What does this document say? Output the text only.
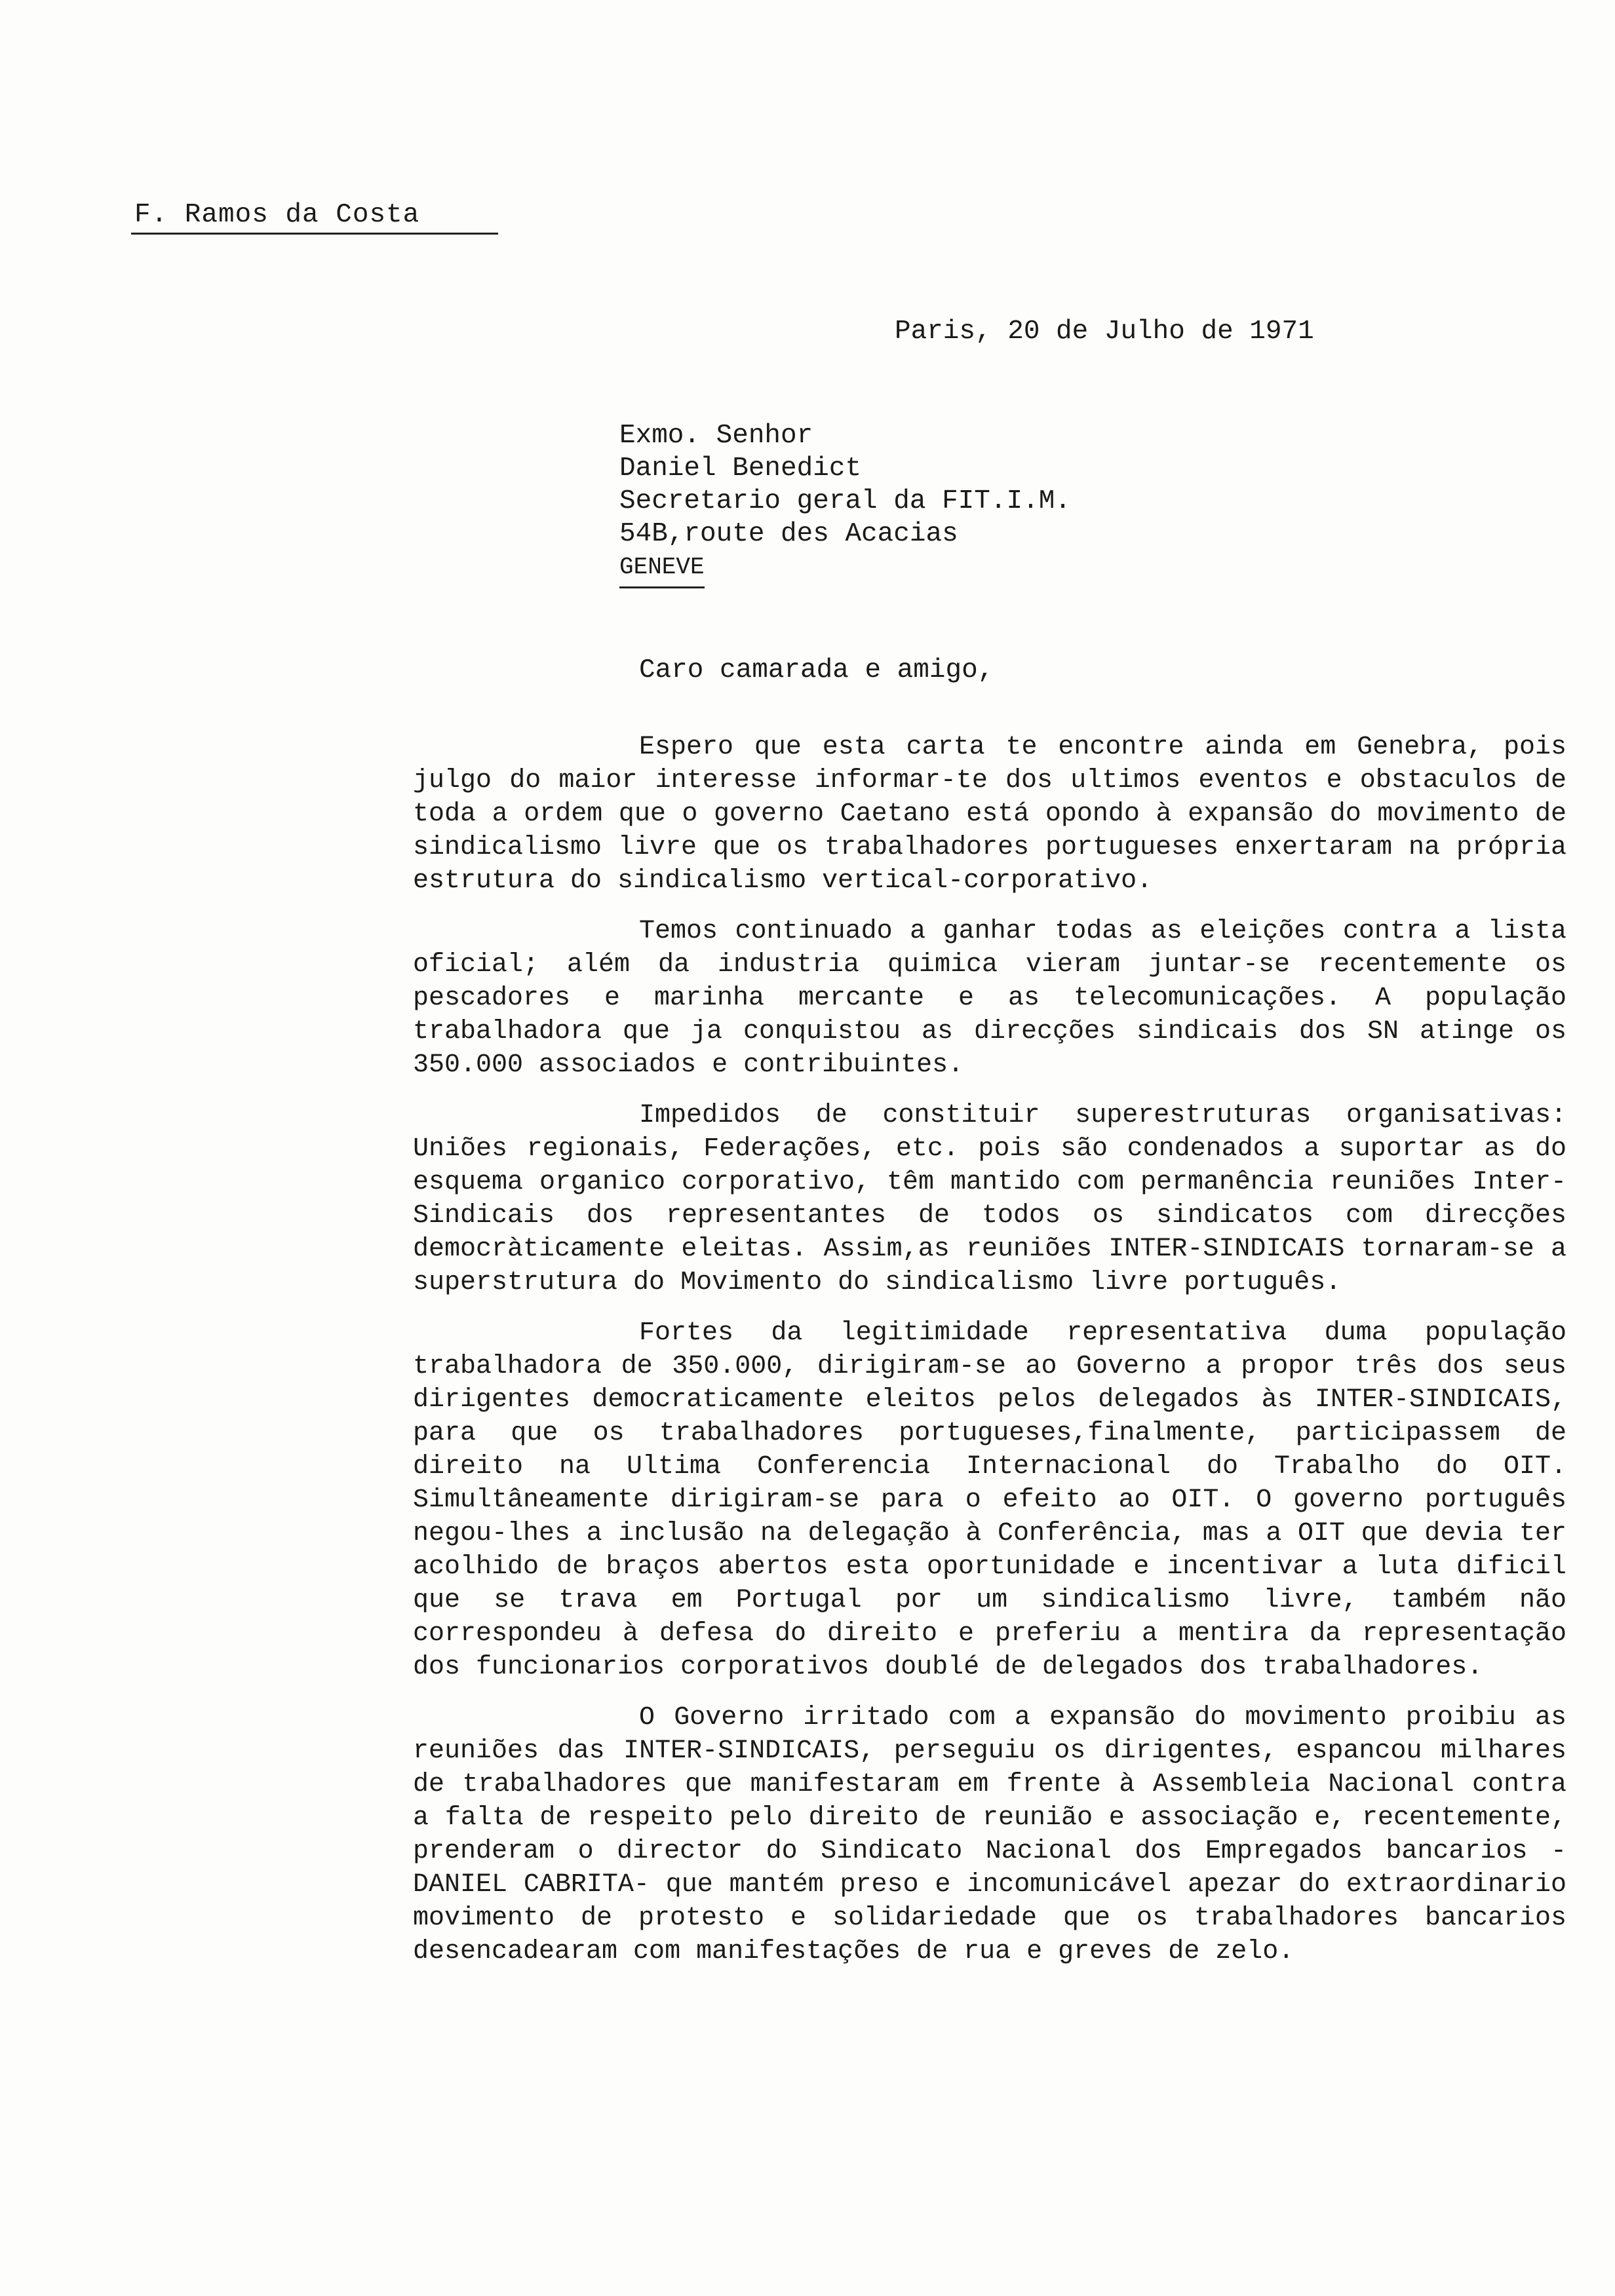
F. Ramos da Costa
Paris, 20 de Julho de 1971
Exmo. Senhor
Daniel Benedict
Secretario geral da FIT.I.M.
54B,route des Acacias
GENEVE
Caro camarada e amigo,

Espero que esta carta te encontre ainda em Genebra, pois julgo do maior interesse informar-te dos ultimos eventos e obstaculos de toda a ordem que o governo Caetano está opondo à expansão do movimento de sindicalismo livre que os trabalhadores portugueses enxertaram na própria estrutura do sindicalismo vertical-corporativo.

Temos continuado a ganhar todas as eleições contra a lista oficial; além da industria quimica vieram juntar-se recentemente os pescadores e marinha mercante e as telecomunicações. A população trabalhadora que ja conquistou as direcções sindicais dos SN atinge os 350.000 associados e contribuintes.

Impedidos de constituir superestruturas organisativas: Uniões regionais, Federações, etc. pois são condenados a suportar as do esquema organico corporativo, têm mantido com permanência reuniões Inter-Sindicais dos representantes de todos os sindicatos com direcções democràticamente eleitas. Assim,as reuniões INTER-SINDICAIS tornaram-se a superstrutura do Movimento do sindicalismo livre português.

Fortes da legitimidade representativa duma população trabalhadora de 350.000, dirigiram-se ao Governo a propor três dos seus dirigentes democraticamente eleitos pelos delegados às INTER-SINDICAIS, para que os trabalhadores portugueses,finalmente, participassem de direito na Ultima Conferencia Internacional do Trabalho do OIT. Simultâneamente dirigiram-se para o efeito ao OIT. O governo português negou-lhes a inclusão na delegação à Conferência, mas a OIT que devia ter acolhido de braços abertos esta oportunidade e incentivar a luta dificil que se trava em Portugal por um sindicalismo livre, também não correspondeu à defesa do direito e preferiu a mentira da representação dos funcionarios corporativos doublé de delegados dos trabalhadores.

O Governo irritado com a expansão do movimento proibiu as reuniões das INTER-SINDICAIS, perseguiu os dirigentes, espancou milhares de trabalhadores que manifestaram em frente à Assembleia Nacional contra a falta de respeito pelo direito de reunião e associação e, recentemente, prenderam o director do Sindicato Nacional dos Empregados bancarios -DANIEL CABRITA- que mantém preso e incomunicável apezar do extraordinario movimento de protesto e solidariedade que os trabalhadores bancarios desencadearam com manifestações de rua e greves de zelo.
